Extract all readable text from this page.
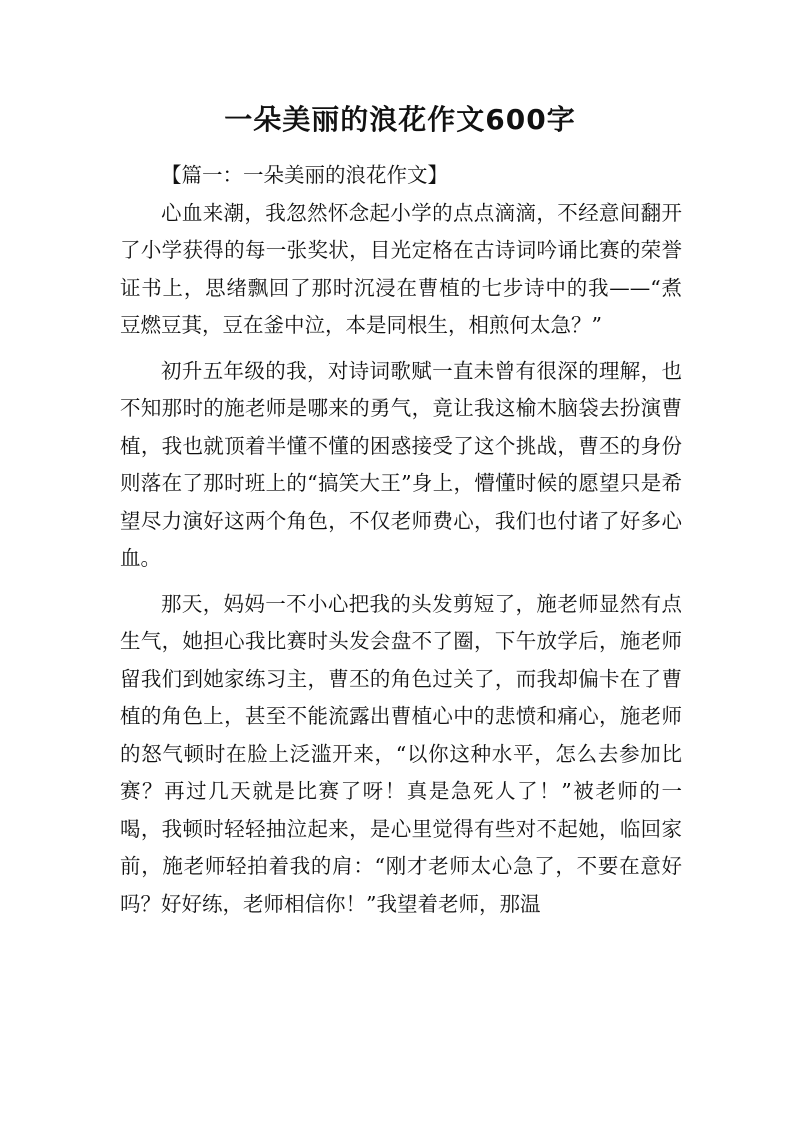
一朵美丽的浪花作文600字

【篇一：一朵美丽的浪花作文】

心血来潮，我忽然怀念起小学的点点滴滴，不经意间翻开了小学获得的每一张奖状，目光定格在古诗词吟诵比赛的荣誉证书上，思绪飘回了那时沉浸在曹植的七步诗中的我——“煮豆燃豆萁，豆在釜中泣，本是同根生，相煎何太急？”

初升五年级的我，对诗词歌赋一直未曾有很深的理解，也不知那时的施老师是哪来的勇气，竟让我这榆木脑袋去扮演曹植，我也就顶着半懂不懂的困惑接受了这个挑战，曹丕的身份则落在了那时班上的“搞笑大王”身上，懵懂时候的愿望只是希望尽力演好这两个角色，不仅老师费心，我们也付诸了好多心血。

那天，妈妈一不小心把我的头发剪短了，施老师显然有点生气，她担心我比赛时头发会盘不了圈，下午放学后，施老师留我们到她家练习主，曹丕的角色过关了，而我却偏卡在了曹植的角色上，甚至不能流露出曹植心中的悲愤和痛心，施老师的怒气顿时在脸上泛滥开来，“以你这种水平，怎么去参加比赛？再过几天就是比赛了呀！真是急死人了！”被老师的一喝，我顿时轻轻抽泣起来，是心里觉得有些对不起她，临回家前，施老师轻拍着我的肩：“刚才老师太心急了，不要在意好吗？好好练，老师相信你！”我望着老师，那温
